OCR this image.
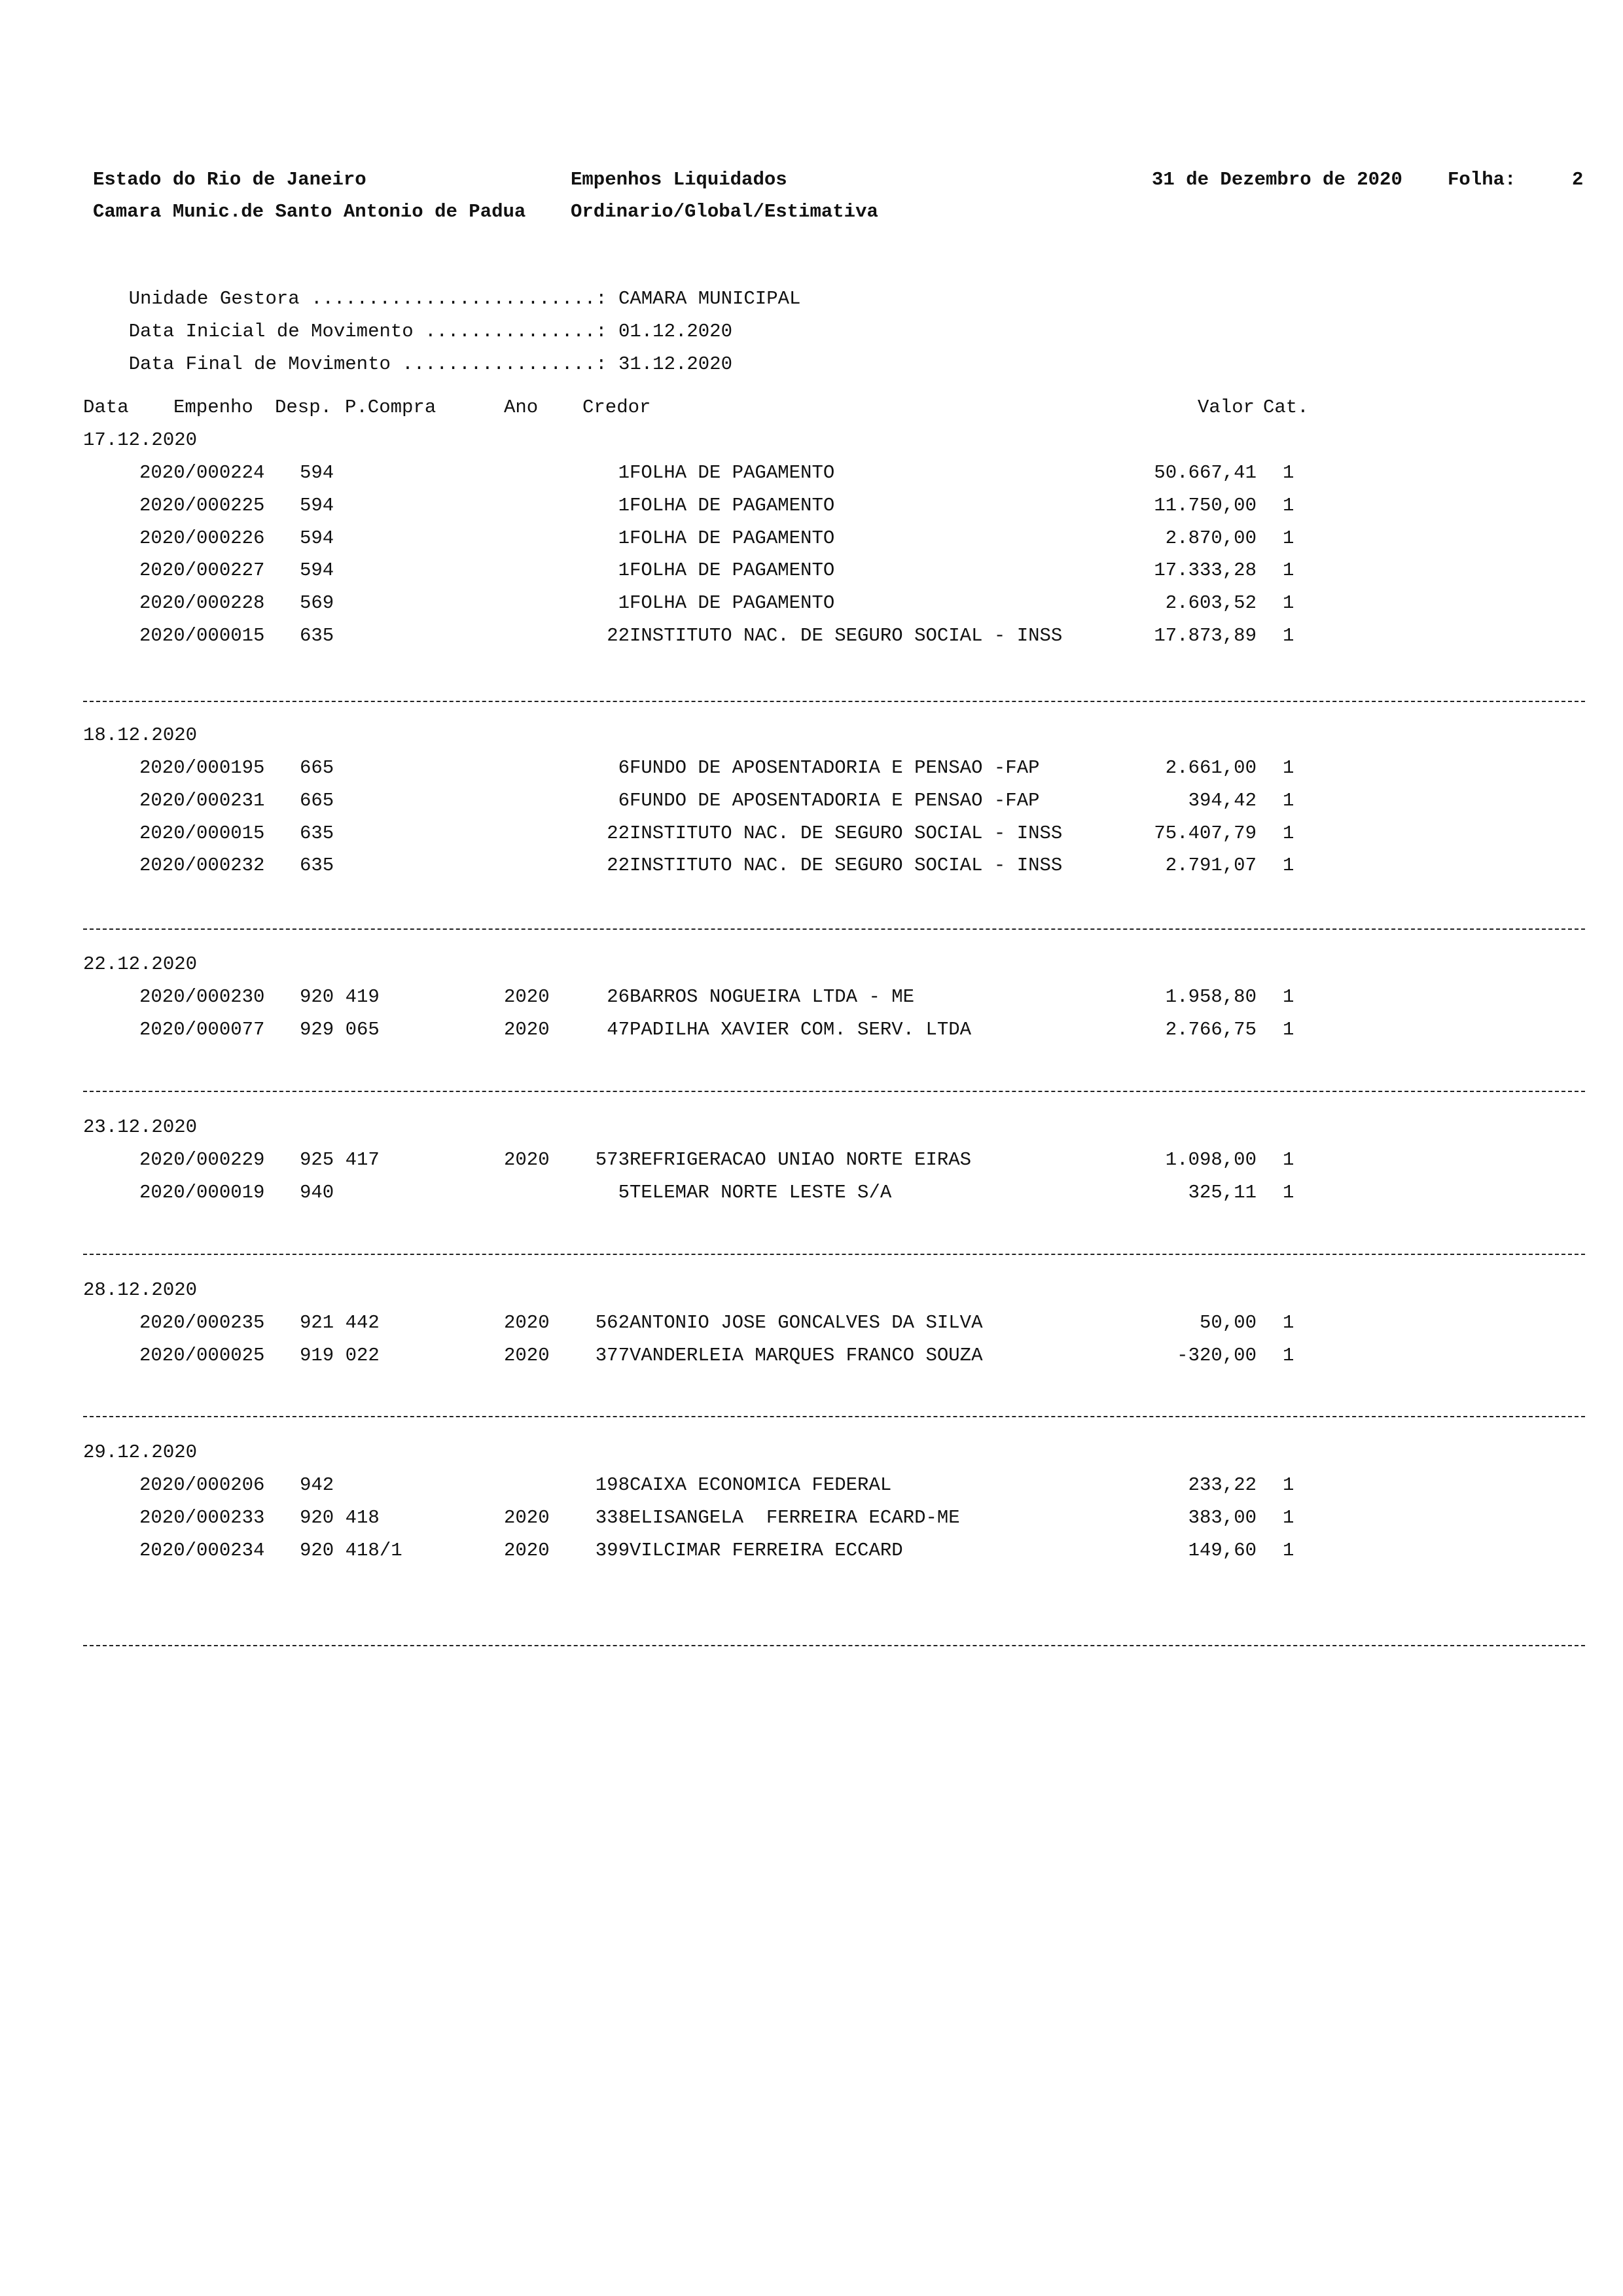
Estado do Rio de Janeiro
Camara Munic.de Santo Antonio de Padua
Empenhos Liquidados
Ordinario/Global/Estimativa
31 de Dezembro de 2020 Folha:	2

Unidade Gestora .........................: CAMARA MUNICIPAL

Data Inicial de Movimento ...............: 01.12.2020

Data Final de Movimento .................: 31.12.2020

Data Empenho Desp. P.Compra	Ano Credor	Valor Cat.
17.12.2020
2020/000224 594	1 FOLHA DE PAGAMENTO	50.667,41 1
2020/000225 594	1 FOLHA DE PAGAMENTO	11.750,00 1
2020/000226 594	1 FOLHA DE PAGAMENTO	2.870,00 1
2020/000227 594	1 FOLHA DE PAGAMENTO	17.333,28 1
2020/000228 569	1 FOLHA DE PAGAMENTO	2.603,52 1
2020/000015 635	22 INSTITUTO NAC. DE SEGURO SOCIAL - INSS	17.873,89 1
18.12.2020
2020/000195 665	6 FUNDO DE APOSENTADORIA E PENSAO -FAP	2.661,00 1
2020/000231 665	6 FUNDO DE APOSENTADORIA E PENSAO -FAP	394,42 1
2020/000015 635	22 INSTITUTO NAC. DE SEGURO SOCIAL - INSS	75.407,79 1
2020/000232 635	22 INSTITUTO NAC. DE SEGURO SOCIAL - INSS	2.791,07 1
22.12.2020
2020/000230 920 419	2020	26 BARROS NOGUEIRA LTDA - ME	1.958,80 1
2020/000077 929 065	2020	47 PADILHA XAVIER COM. SERV. LTDA	2.766,75 1
23.12.2020
2020/000229 925 417	2020	573 REFRIGERACAO UNIAO NORTE EIRAS	1.098,00 1
2020/000019 940	5 TELEMAR NORTE LESTE S/A	325,11 1
28.12.2020
2020/000235 921 442	2020	562 ANTONIO JOSE GONCALVES DA SILVA	50,00 1
2020/000025 919 022	2020	377 VANDERLEIA MARQUES FRANCO SOUZA	-320,00 1
29.12.2020
2020/000206 942	198 CAIXA ECONOMICA FEDERAL	233,22 1
2020/000233 920 418	2020	338 ELISANGELA  FERREIRA ECARD-ME	383,00 1
2020/000234 920 418/1	2020	399 VILCIMAR FERREIRA ECCARD	149,60 1
